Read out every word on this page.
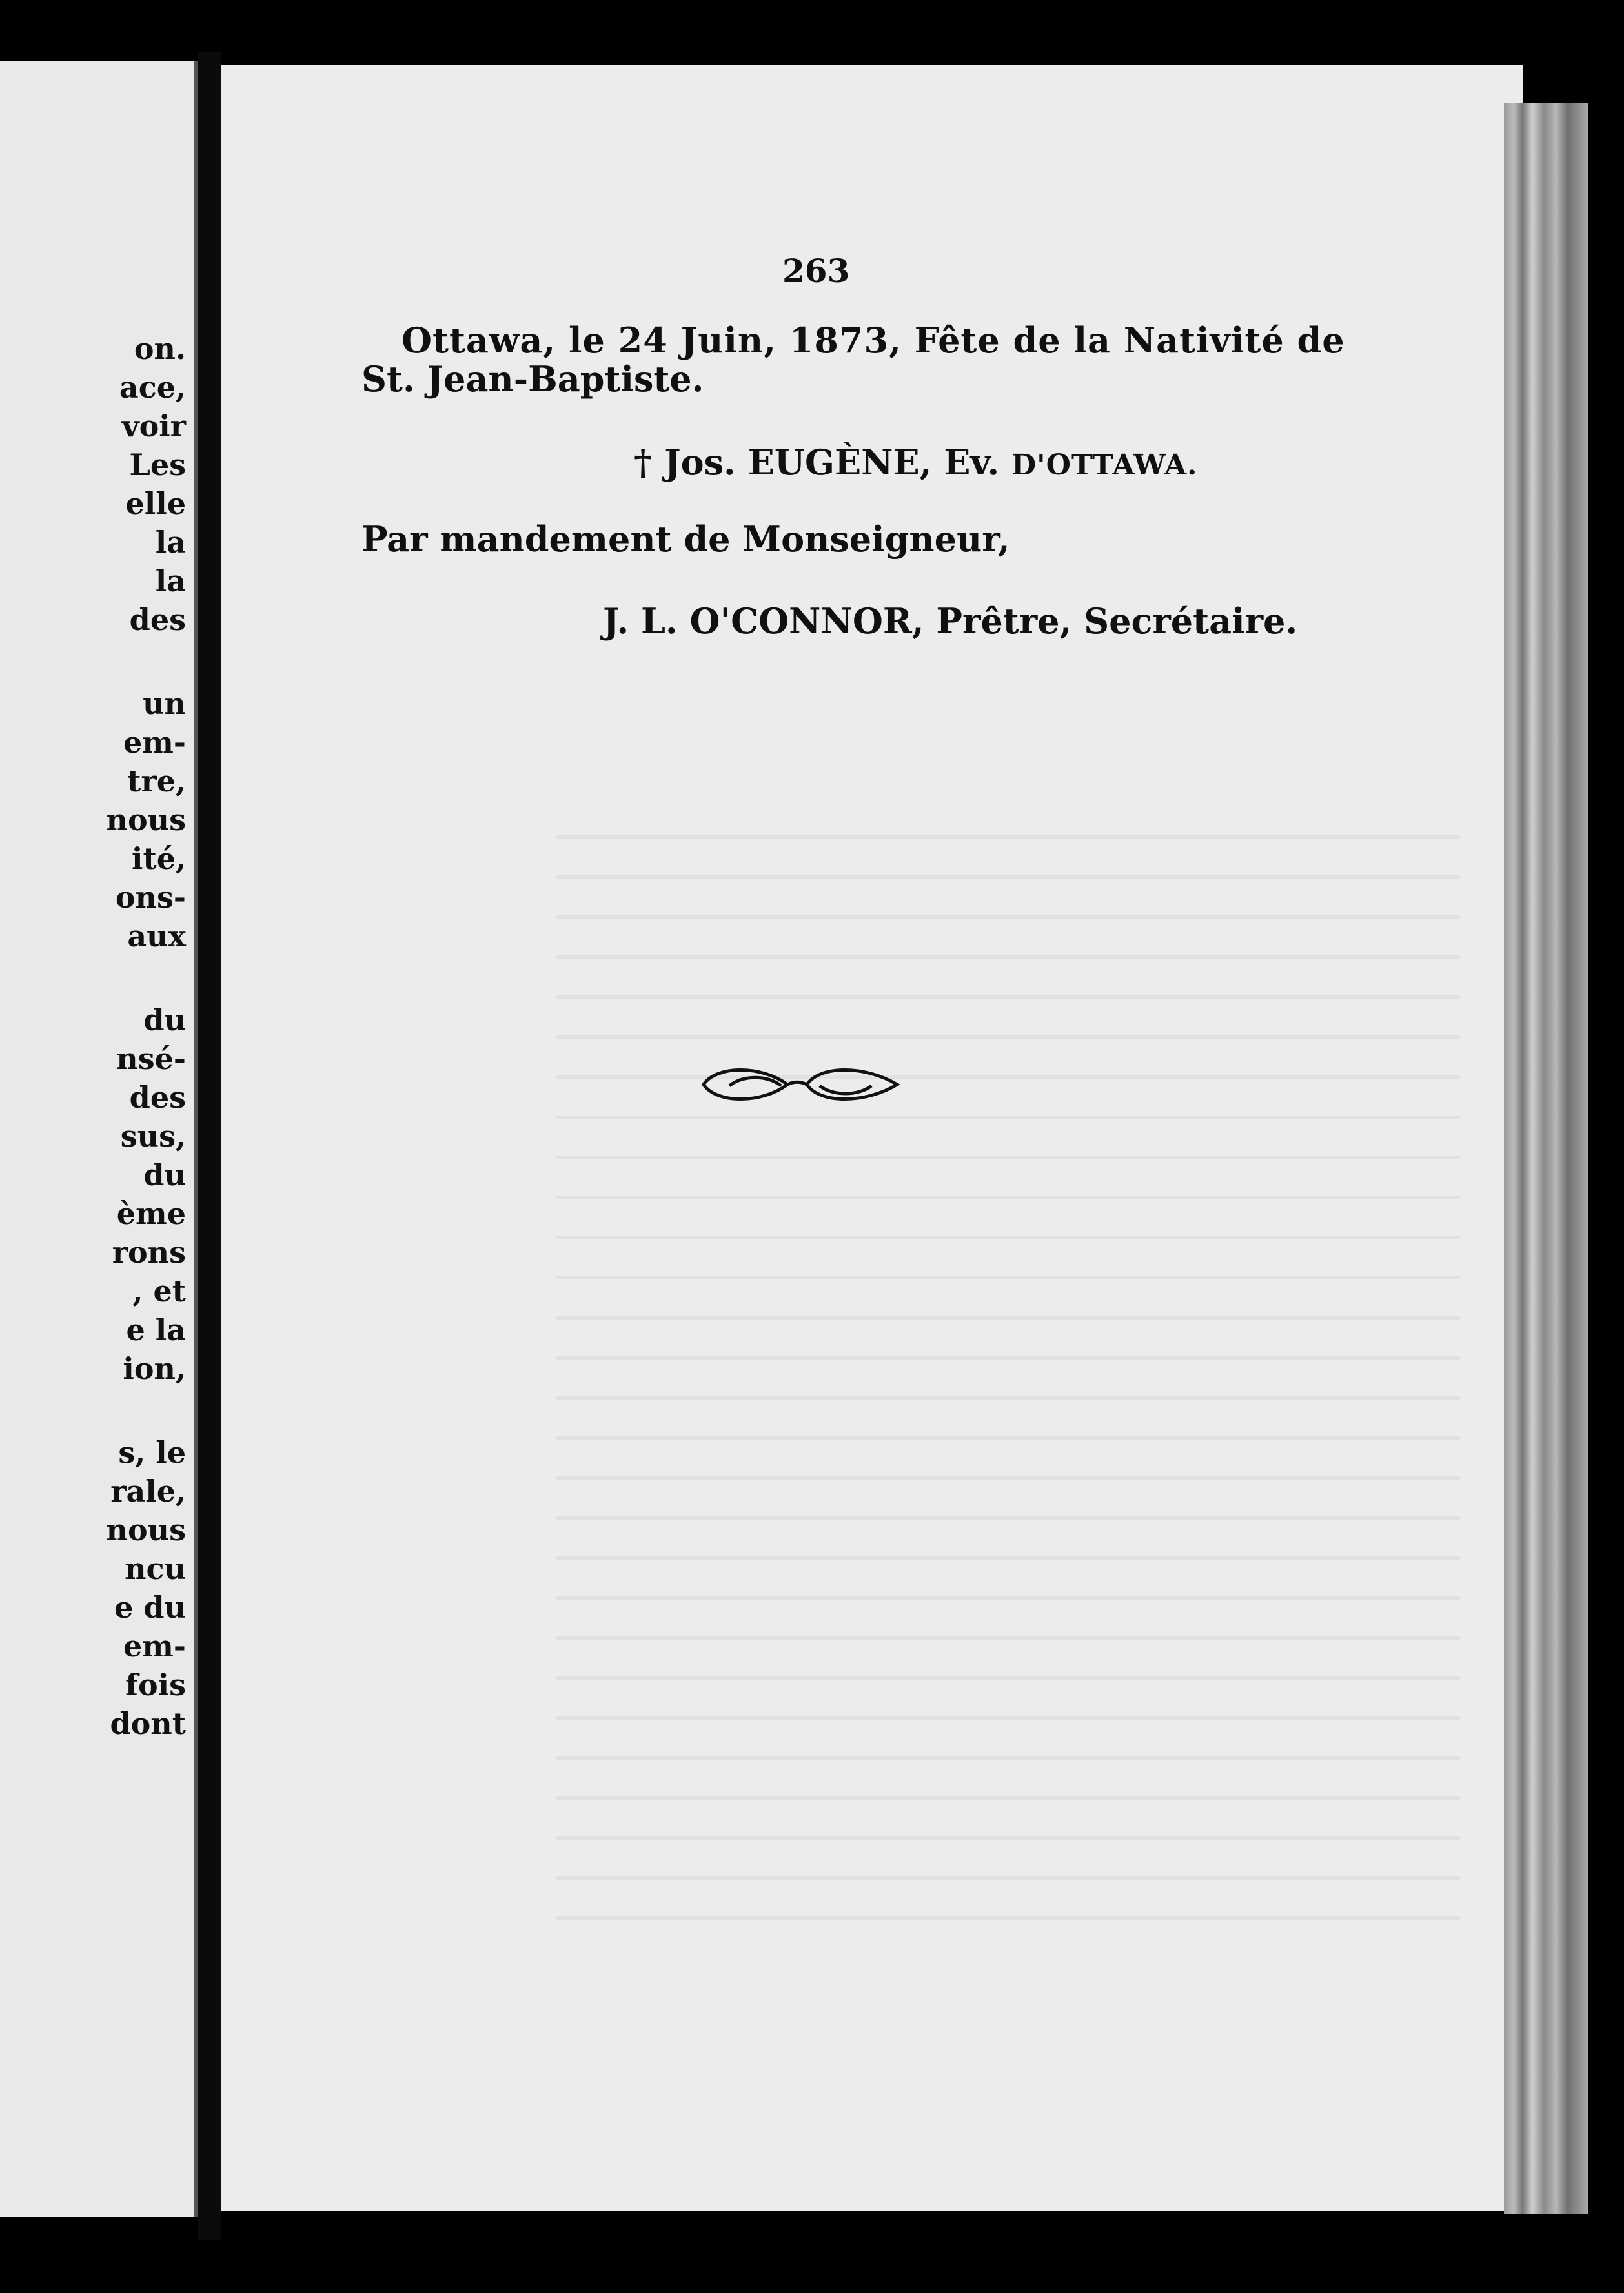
on.
ace,
voir
Les
elle
la
la
des
un
em-
tre,
nous
ité,
ons-
aux
du
nsé-
des
sus,
du
ème
rons
, et
e la
ion,
s, le
rale,
nous
ncu
e du
em-
fois
dont
263
Ottawa, le 24 Juin, 1873, Fête de la Nativité de
St. Jean-Baptiste.
† Jos. EUGÈNE, Ev. D'OTTAWA.
Par mandement de Monseigneur,
J. L. O'CONNOR, Prêtre, Secrétaire.
